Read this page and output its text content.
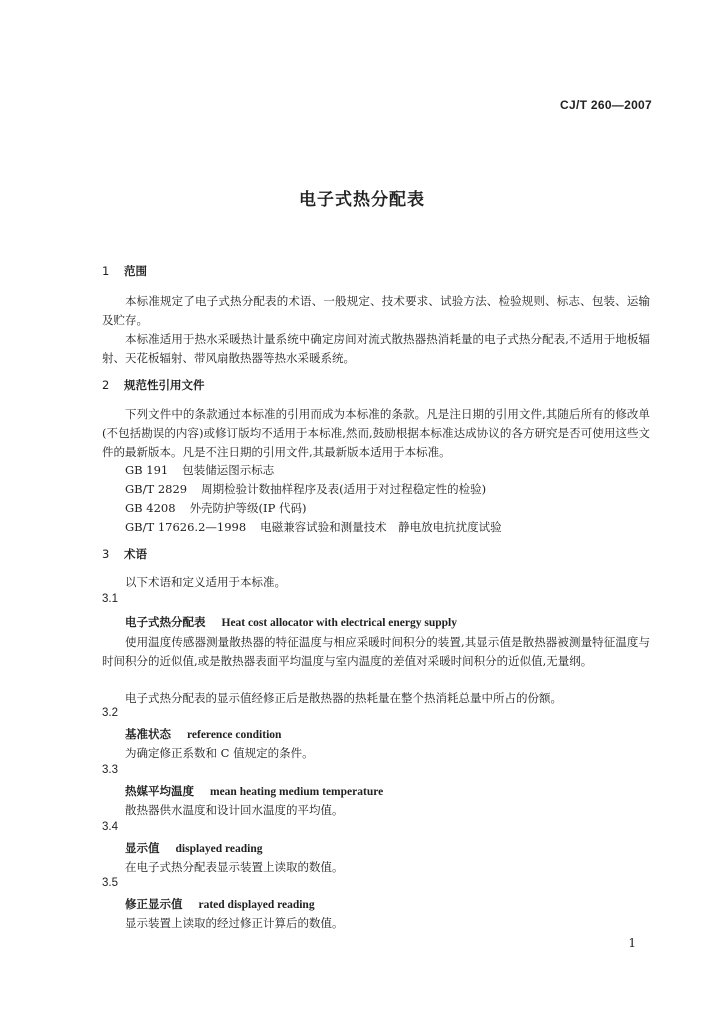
CJ/T 260—2007
电子式热分配表
1 范围
本标准规定了电子式热分配表的术语、一般规定、技术要求、试验方法、检验规则、标志、包装、运输及贮存。
本标准适用于热水采暖热计量系统中确定房间对流式散热器热消耗量的电子式热分配表,不适用于地板辐射、天花板辐射、带风扇散热器等热水采暖系统。
2 规范性引用文件
下列文件中的条款通过本标准的引用而成为本标准的条款。凡是注日期的引用文件,其随后所有的修改单(不包括勘误的内容)或修订版均不适用于本标准,然而,鼓励根据本标准达成协议的各方研究是否可使用这些文件的最新版本。凡是不注日期的引用文件,其最新版本适用于本标准。
GB 191 包装储运图示标志
GB/T 2829 周期检验计数抽样程序及表(适用于对过程稳定性的检验)
GB 4208 外壳防护等级(IP 代码)
GB/T 17626.2—1998 电磁兼容试验和测量技术　静电放电抗扰度试验
3 术语
以下术语和定义适用于本标准。
3.1
电子式热分配表 Heat cost allocator with electrical energy supply
使用温度传感器测量散热器的特征温度与相应采暖时间积分的装置,其显示值是散热器被测量特征温度与时间积分的近似值,或是散热器表面平均温度与室内温度的差值对采暖时间积分的近似值,无量纲。
电子式热分配表的显示值经修正后是散热器的热耗量在整个热消耗总量中所占的份额。
3.2
基准状态 reference condition
为确定修正系数和 C 值规定的条件。
3.3
热媒平均温度 mean heating medium temperature
散热器供水温度和设计回水温度的平均值。
3.4
显示值 displayed reading
在电子式热分配表显示装置上读取的数值。
3.5
修正显示值 rated displayed reading
显示装置上读取的经过修正计算后的数值。
1
